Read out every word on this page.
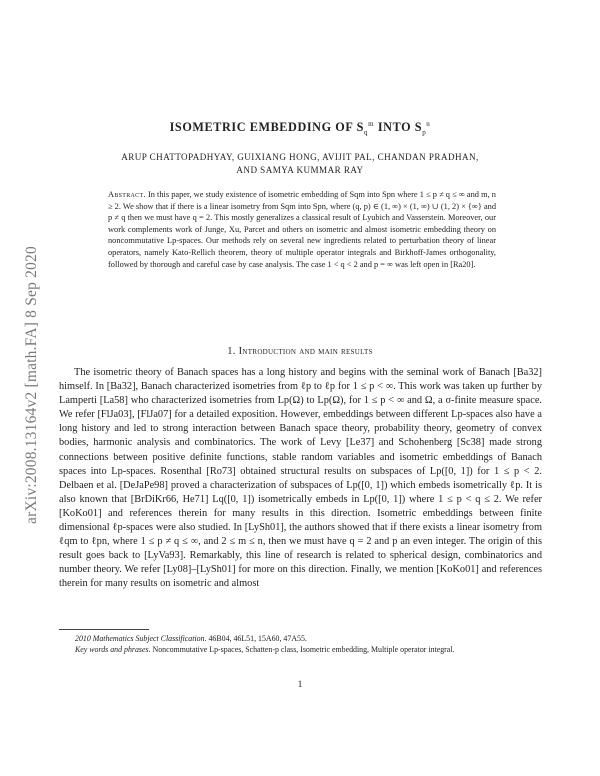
arXiv:2008.13164v2 [math.FA] 8 Sep 2020
ISOMETRIC EMBEDDING OF $S_q^m$ INTO $S_p^n$
ARUP CHATTOPADHYAY, GUIXIANG HONG, AVIJIT PAL, CHANDAN PRADHAN,
AND SAMYA KUMMAR RAY
Abstract. In this paper, we study existence of isometric embedding of Sqm into Spn where 1 ≤ p ≠ q ≤ ∞ and m, n ≥ 2. We show that if there is a linear isometry from Sqm into Spn, where (q, p) ∈ (1, ∞) × (1, ∞) ∪ (1, 2) × {∞} and p ≠ q then we must have q = 2. This mostly generalizes a classical result of Lyubich and Vasserstein. Moreover, our work complements work of Junge, Xu, Parcet and others on isometric and almost isometric embedding theory on noncommutative Lp-spaces. Our methods rely on several new ingredients related to perturbation theory of linear operators, namely Kato-Rellich theorem, theory of multiple operator integrals and Birkhoff-James orthogonality, followed by thorough and careful case by case analysis. The case 1 < q < 2 and p = ∞ was left open in [Ra20].
1. Introduction and main results

The isometric theory of Banach spaces has a long history and begins with the seminal work of Banach [Ba32] himself. In [Ba32], Banach characterized isometries from ℓp to ℓp for 1 ≤ p < ∞. This work was taken up further by Lamperti [La58] who characterized isometries from Lp(Ω) to Lp(Ω), for 1 ≤ p < ∞ and Ω, a σ-finite measure space. We refer [FlJa03], [FlJa07] for a detailed exposition. However, embeddings between different Lp-spaces also have a long history and led to strong interaction between Banach space theory, probability theory, geometry of convex bodies, harmonic analysis and combinatorics. The work of Levy [Le37] and Schohenberg [Sc38] made strong connections between positive definite functions, stable random variables and isometric embeddings of Banach spaces into Lp-spaces. Rosenthal [Ro73] obtained structural results on subspaces of Lp([0, 1]) for 1 ≤ p < 2. Delbaen et al. [DeJaPe98] proved a characterization of subspaces of Lp([0, 1]) which embeds isometrically ℓp. It is also known that [BrDiKr66, He71] Lq([0, 1]) isometrically embeds in Lp([0, 1]) where 1 ≤ p < q ≤ 2. We refer [KoKo01] and references therein for many results in this direction. Isometric embeddings between finite dimensional ℓp-spaces were also studied. In [LySh01], the authors showed that if there exists a linear isometry from ℓqm to ℓpn, where 1 ≤ p ≠ q ≤ ∞, and 2 ≤ m ≤ n, then we must have q = 2 and p an even integer. The origin of this result goes back to [LyVa93]. Remarkably, this line of research is related to spherical design, combinatorics and number theory. We refer [Ly08]–[LySh01] for more on this direction. Finally, we mention [KoKo01] and references therein for many results on isometric and almost

2010 Mathematics Subject Classification. 46B04, 46L51, 15A60, 47A55.

Key words and phrases. Noncommutative Lp-spaces, Schatten-p class, Isometric embedding, Multiple operator integral.

1
